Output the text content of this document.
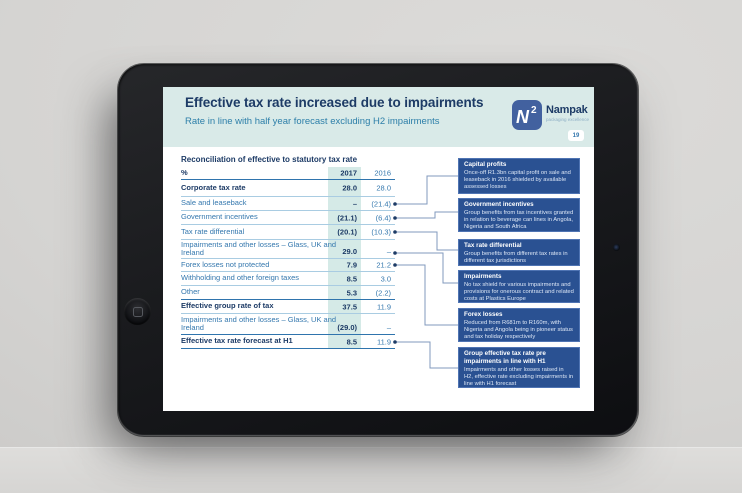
Effective tax rate increased due to impairments
Rate in line with half year forecast excluding H2 impairments	N 2 Nampak
packaging excellence
19
Reconciliation of effective to statutory tax rate
%	2017 2016
Corporate tax rate	28.0	28.0
Sale and leaseback	– (21.4)
Government incentives	(21.1) (6.4)
Tax rate differential	(20.1) (10.3)
Impairments and other losses – Glass, UK and Ireland	29.0	–
Forex losses not protected	7.9	21.2
Withholding and other foreign taxes	8.5	3.0
Other	5.3 (2.2)
Effective group rate of tax	37.5	11.9
Impairments and other losses – Glass, UK and Ireland	(29.0)	–
Effective tax rate forecast at H1	8.5	11.9
Capital profits
Once-off R1.3bn capital profit on sale and leaseback in 2016 shielded by available assessed losses
Government incentives
Group benefits from tax incentives granted in relation to beverage can lines in Angola, Nigeria and South Africa
Tax rate differential
Group benefits from different tax rates in different tax jurisdictions
Impairments
No tax shield for various impairments and provisions for onerous contract and related costs at Plastics Europe
Forex losses
Reduced from R681m to R160m, with Nigeria and Angola being in pioneer status and tax holiday respectively
Group effective tax rate pre impairments in line with H1
Impairments and other losses raised in H2, effective rate excluding impairments in line with H1 forecast
